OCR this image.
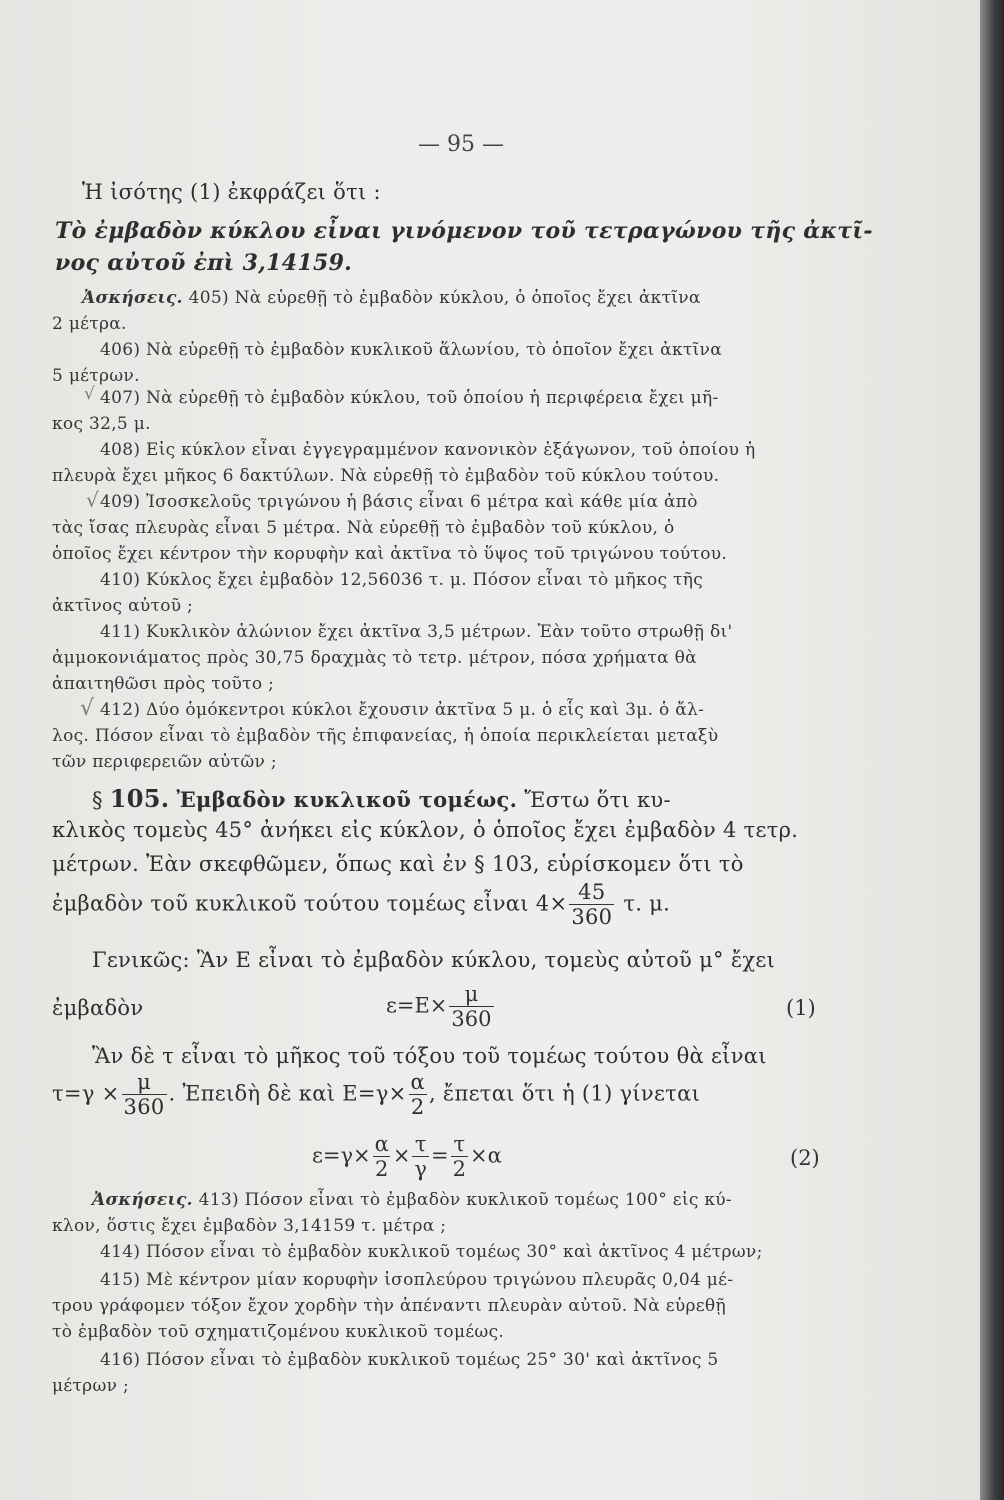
— 95 —
Ἡ ἰσότης (1) ἐκφράζει ὅτι :
Τὸ ἐμβαδὸν κύκλου εἶναι γινόμενον τοῦ τετραγώνου τῆς ἀκτῖ-
νος αὐτοῦ ἐπὶ 3,14159.
Ἀσκήσεις. 405) Νὰ εὑρεθῇ τὸ ἐμβαδὸν κύκλου, ὁ ὁποῖος ἔχει ἀκτῖνα
2 μέτρα.
406) Νὰ εὑρεθῇ τὸ ἐμβαδὸν κυκλικοῦ ἅλωνίου, τὸ ὁποῖον ἔχει ἀκτῖνα
5 μέτρων.
√ 407) Νὰ εὑρεθῇ τὸ ἐμβαδὸν κύκλου, τοῦ ὁποίου ἡ περιφέρεια ἔχει μῆ-
κος 32,5 μ.
408) Εἰς κύκλον εἶναι ἐγγεγραμμένον κανονικὸν ἑξάγωνον, τοῦ ὁποίου ἡ
πλευρὰ ἔχει μῆκος 6 δακτύλων. Νὰ εὑρεθῇ τὸ ἐμβαδὸν τοῦ κύκλου τούτου.
√ 409) Ἰσοσκελοῦς τριγώνου ἡ βάσις εἶναι 6 μέτρα καὶ κάθε μία ἀπὸ
τὰς ἴσας πλευρὰς εἶναι 5 μέτρα. Νὰ εὑρεθῇ τὸ ἐμβαδὸν τοῦ κύκλου, ὁ
ὁποῖος ἔχει κέντρον τὴν κορυφὴν καὶ ἀκτῖνα τὸ ὕψος τοῦ τριγώνου τούτου.
410) Κύκλος ἔχει ἐμβαδὸν 12,56036 τ. μ. Πόσον εἶναι τὸ μῆκος τῆς
ἀκτῖνος αὐτοῦ ;
411) Κυκλικὸν ἁλώνιον ἔχει ἀκτῖνα 3,5 μέτρων. Ἐὰν τοῦτο στρωθῇ δι'
ἀμμοκονιάματος πρὸς 30,75 δραχμὰς τὸ τετρ. μέτρον, πόσα χρήματα θὰ
ἀπαιτηθῶσι πρὸς τοῦτο ;
√ 412) Δύο ὁμόκεντροι κύκλοι ἔχουσιν ἀκτῖνα 5 μ. ὁ εἷς καὶ 3μ. ὁ ἄλ-
λος. Πόσον εἶναι τὸ ἐμβαδὸν τῆς ἐπιφανείας, ἡ ὁποία περικλείεται μεταξὺ
τῶν περιφερειῶν αὐτῶν ;
§ 105. Ἐμβαδὸν κυκλικοῦ τομέως. Ἔστω ὅτι κυ-
κλικὸς τομεὺς 45° ἀνήκει εἰς κύκλον, ὁ ὁποῖος ἔχει ἐμβαδὸν 4 τετρ.
μέτρων. Ἐὰν σκεφθῶμεν, ὅπως καὶ ἐν § 103, εὑρίσκομεν ὅτι τὸ
ἐμβαδὸν τοῦ κυκλικοῦ τούτου τομέως εἶναι $4\times \frac{45}{360} \tau$. μ.
Γενικῶς: Ἂν Ε εἶναι τὸ ἐμβαδὸν κύκλου, τομεὺς αὐτοῦ μ° ἔχει
ἐμβαδὸν	$\varepsilon=E\times \frac{\mu}{360}$	(1)
Ἂν δὲ τ εἶναι τὸ μῆκος τοῦ τόξου τοῦ τομέως τούτου θὰ εἶναι
$\tau=\gamma \times \frac{\mu}{360}$ . Ἐπειδὴ δὲ καὶ $E=\gamma\times \frac{\alpha}{2}$ , ἔπεται ὅτι ἡ (1) γίνεται
$\varepsilon=\gamma\times \frac{\alpha}{2} \times \frac{\tau}{\gamma} = \frac{\tau}{2} \times\alpha$	(2)
Ἀσκήσεις. 413) Πόσον εἶναι τὸ ἐμβαδὸν κυκλικοῦ τομέως 100° εἰς κύ-
κλον, ὅστις ἔχει ἐμβαδὸν 3,14159 τ. μέτρα ;
414) Πόσον εἶναι τὸ ἐμβαδὸν κυκλικοῦ τομέως 30° καὶ ἀκτῖνος 4 μέτρων;
415) Μὲ κέντρον μίαν κορυφὴν ἰσοπλεύρου τριγώνου πλευρᾶς 0,04 μέ-
τρου γράφομεν τόξον ἔχον χορδὴν τὴν ἀπέναντι πλευρὰν αὐτοῦ. Νὰ εὑρεθῇ
τὸ ἐμβαδὸν τοῦ σχηματιζομένου κυκλικοῦ τομέως.
416) Πόσον εἶναι τὸ ἐμβαδὸν κυκλικοῦ τομέως 25° 30' καὶ ἀκτῖνος 5
μέτρων ;
